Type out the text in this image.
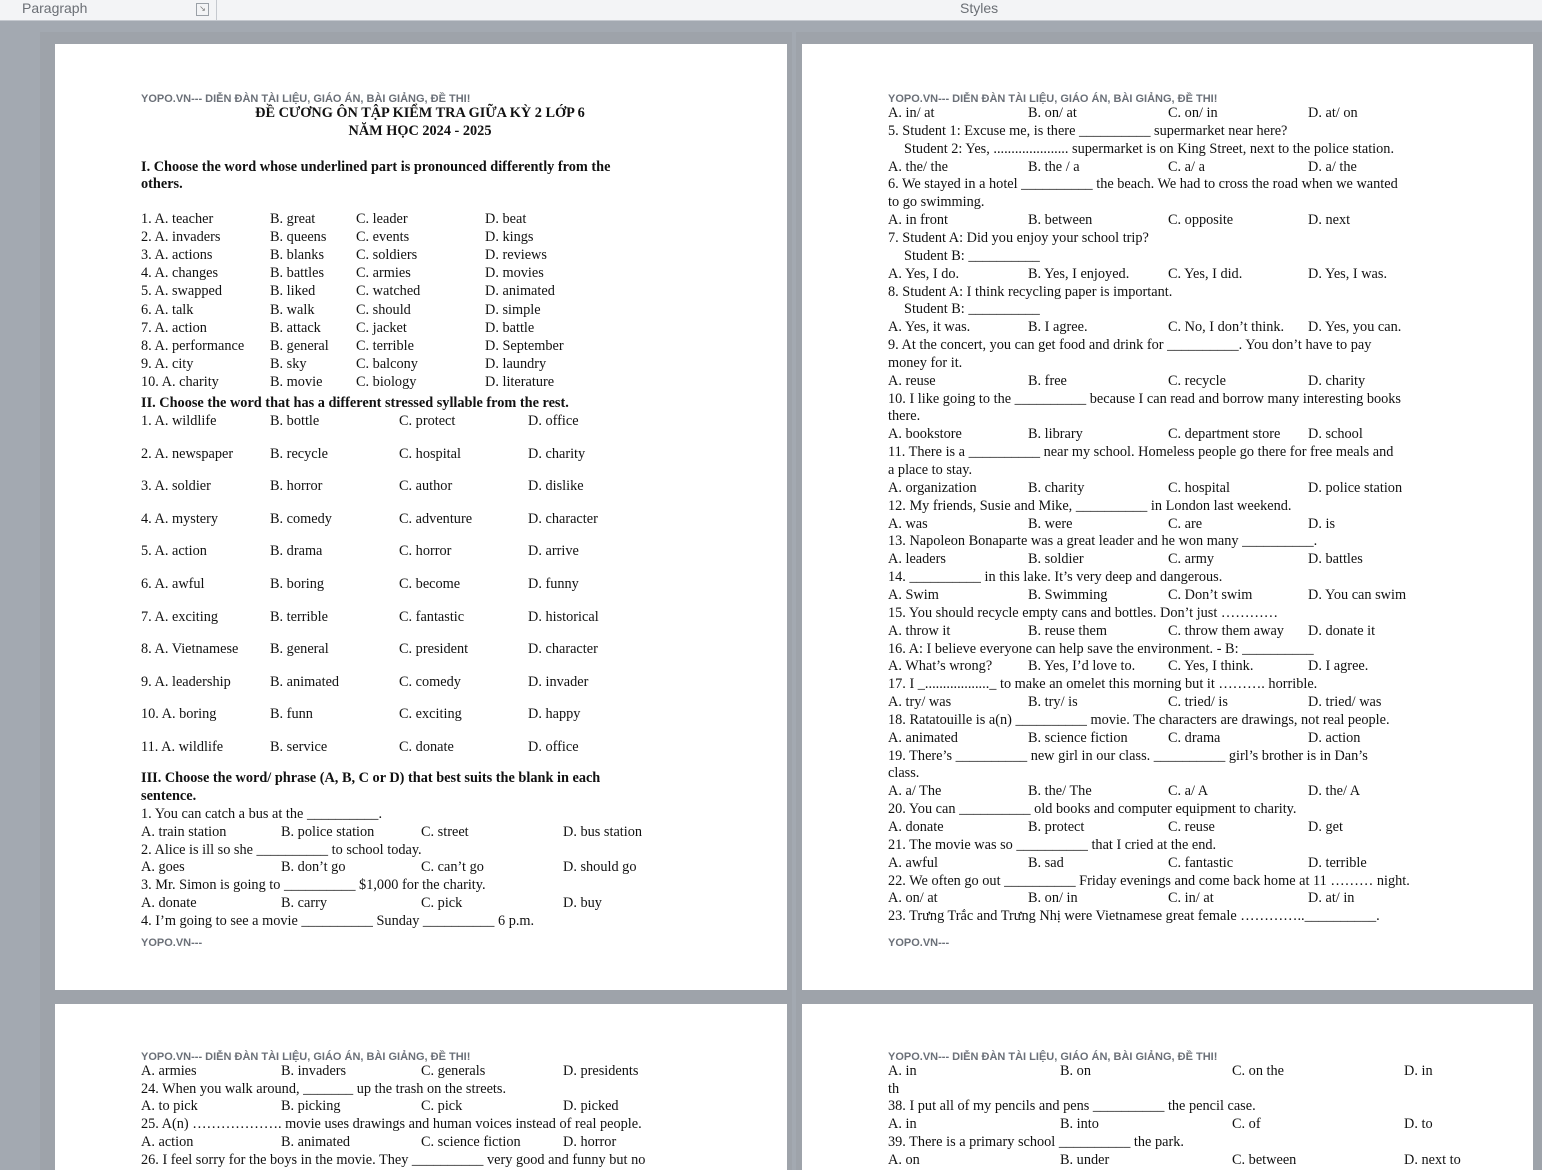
Paragraph	↘	Styles
YOPO.VN--- DIỄN ĐÀN TÀI LIỆU, GIÁO ÁN, BÀI GIẢNG, ĐỀ THI!
ĐỀ CƯƠNG ÔN TẬP KIỂM TRA GIỮA KỲ 2 LỚP 6
NĂM HỌC 2024 - 2025
I. Choose the word whose underlined part is pronounced differently from the
others.
II. Choose the word that has a different stressed syllable from the rest.
III. Choose the word/ phrase (A, B, C or D) that best suits the blank in each
sentence.
1. You can catch a bus at the __________.
2. Alice is ill so she __________ to school today.
3. Mr. Simon is going to __________ $1,000 for the charity.
4. I’m going to see a movie __________ Sunday __________ 6 p.m.
YOPO.VN---
1. A. teacher	B. great	C. leader	D. beat
2. A. invaders	B. queens C. events	D. kings
3. A. actions	B. blanks C. soldiers	D. reviews
4. A. changes	B. battles C. armies	D. movies
5. A. swapped	B. liked	C. watched	D. animated
6. A. talk	B. walk	C. should	D. simple
7. A. action	B. attack C. jacket	D. battle
8. A. performance B. general C. terrible	D. September
9. A. city	B. sky	C. balcony	D. laundry
10. A. charity	B. movie C. biology	D. literature
1. A. wildlife	B. bottle	C. protect	D. office
2. A. newspaper	B. recycle	C. hospital	D. charity
3. A. soldier	B. horror	C. author	D. dislike
4. A. mystery	B. comedy	C. adventure	D. character
5. A. action	B. drama	C. horror	D. arrive
6. A. awful	B. boring	C. become	D. funny
7. A. exciting	B. terrible	C. fantastic	D. historical
8. A. Vietnamese B. general	C. president	D. character
9. A. leadership	B. animated	C. comedy	D. invader
10. A. boring	B. funn	C. exciting	D. happy
11. A. wildlife	B. service	C. donate	D. office
A. train station	B. police station	C. street	D. bus station
A. goes	B. don’t go	C. can’t go	D. should go
A. donate	B. carry	C. pick	D. buy
YOPO.VN--- DIỄN ĐÀN TÀI LIỆU, GIÁO ÁN, BÀI GIẢNG, ĐỀ THI!
YOPO.VN---
A. in/ at	B. on/ at	C. on/ in	D. at/ on
5. Student 1: Excuse me, is there __________ supermarket near here?
Student 2: Yes, ..................... supermarket is on King Street, next to the police station.
A. the/ the	B. the / a	C. a/ a	D. a/ the
6. We stayed in a hotel __________ the beach. We had to cross the road when we wanted
to go swimming.
A. in front	B. between	C. opposite	D. next
7. Student A: Did you enjoy your school trip?
Student B: __________
A. Yes, I do.	B. Yes, I enjoyed.	C. Yes, I did.	D. Yes, I was.
8. Student A: I think recycling paper is important.
Student B: __________
A. Yes, it was.	B. I agree.	C. No, I don’t think. D. Yes, you can.
9. At the concert, you can get food and drink for __________. You don’t have to pay
money for it.
A. reuse	B. free	C. recycle	D. charity
10. I like going to the __________ because I can read and borrow many interesting books
there.
A. bookstore	B. library	C. department store D. school
11. There is a __________ near my school. Homeless people go there for free meals and
a place to stay.
A. organization	B. charity	C. hospital	D. police station
12. My friends, Susie and Mike, __________ in London last weekend.
A. was	B. were	C. are	D. is
13. Napoleon Bonaparte was a great leader and he won many __________.
A. leaders	B. soldier	C. army	D. battles
14. __________ in this lake. It’s very deep and dangerous.
A. Swim	B. Swimming	C. Don’t swim	D. You can swim
15. You should recycle empty cans and bottles. Don’t just …………
A. throw it	B. reuse them	C. throw them away D. donate it
16. A: I believe everyone can help save the environment. - B: __________
A. What’s wrong?	B. Yes, I’d love to. C. Yes, I think.	D. I agree.
17. I _.................._ to make an omelet this morning but it ………. horrible.
A. try/ was	B. try/ is	C. tried/ is	D. tried/ was
18. Ratatouille is a(n) __________ movie. The characters are drawings, not real people.
A. animated	B. science fiction	C. drama	D. action
19. There’s __________ new girl in our class. __________ girl’s brother is in Dan’s
class.
A. a/ The	B. the/ The	C. a/ A	D. the/ A
20. You can __________ old books and computer equipment to charity.
A. donate	B. protect	C. reuse	D. get
21. The movie was so __________ that I cried at the end.
A. awful	B. sad	C. fantastic	D. terrible
22. We often go out __________ Friday evenings and come back home at 11 ……… night.
A. on/ at	B. on/ in	C. in/ at	D. at/ in
23. Trưng Trắc and Trưng Nhị were Vietnamese great female …………..__________.
YOPO.VN--- DIỄN ĐÀN TÀI LIỆU, GIÁO ÁN, BÀI GIẢNG, ĐỀ THI!
A. armies	B. invaders	C. generals	D. presidents
24. When you walk around, _______ up the trash on the streets.
A. to pick	B. picking	C. pick	D. picked
25. A(n) ………………. movie uses drawings and human voices instead of real people.
A. action	B. animated	C. science fiction	D. horror
26. I feel sorry for the boys in the movie. They __________ very good and funny but no
YOPO.VN--- DIỄN ĐÀN TÀI LIỆU, GIÁO ÁN, BÀI GIẢNG, ĐỀ THI!
A. in	B. on	C. on the	D. in
th
38. I put all of my pencils and pens __________ the pencil case.
A. in	B. into	C. of	D. to
39. There is a primary school __________ the park.
A. on	B. under	C. between	D. next to
